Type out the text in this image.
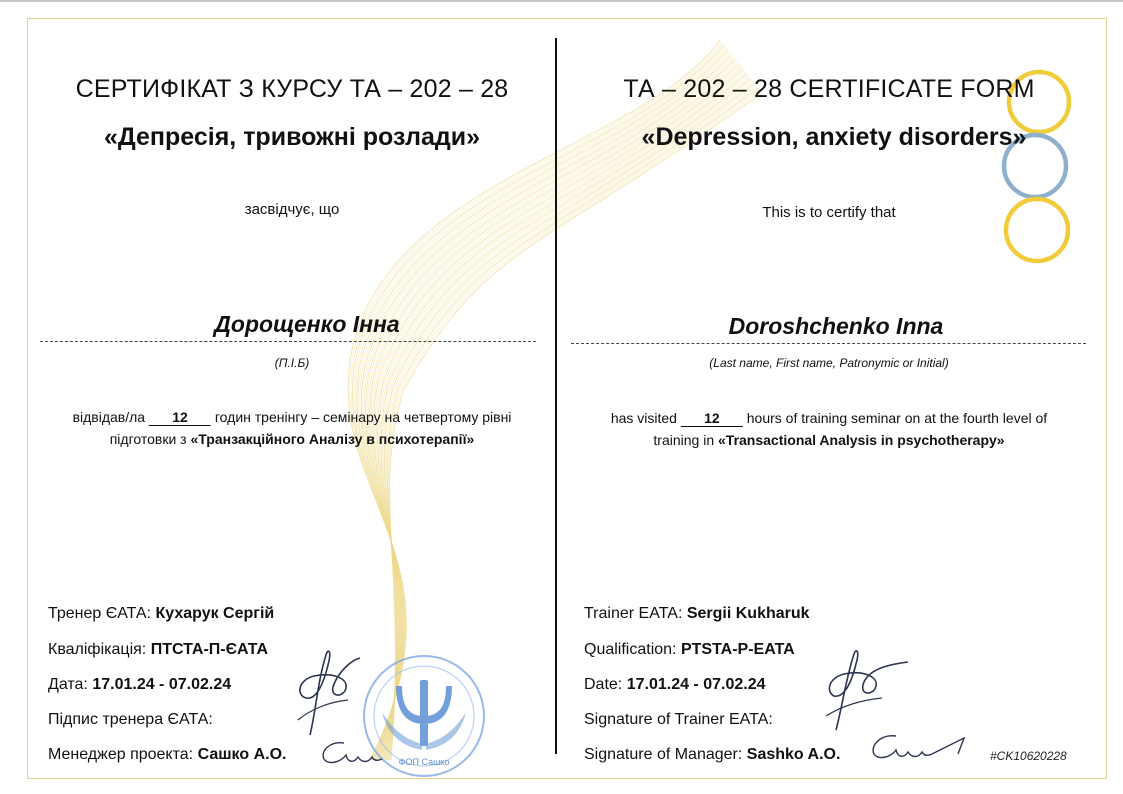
СЕРТИФІКАТ З КУРСУ ТА – 202 – 28
«Депресія, тривожні розлади»
засвідчує, що
Дорощенко Інна
(П.І.Б)
відвідав/ла 12 годин тренінгу – семінару на четвертому рівні
підготовки з «Транзакційного Аналізу в психотерапії»
Тренер ЄАТА: Кухарук Сергій
Кваліфікація: ПТСТА-П-ЄАТА
Дата: 17.01.24 - 07.02.24
Підпис тренера ЄАТА:
Менеджер проекта: Сашко А.О.	ФОП Сашко
ТА – 202 – 28 CERTIFICATE FORM
«Depression, anxiety disorders»
This is to certify that
Doroshchenko Inna
(Last name, First name, Patronymic or Initial)
has visited 12 hours of training seminar on at the fourth level of
training in «Transactional Analysis in psychotherapy»
Trainer EATA: Sergii Kukharuk
Qualification: PTSTA-P-EATA
Date: 17.01.24 - 07.02.24
Signature of Trainer EATA:
Signature of Manager: Sashko A.O.	#CK10620228
